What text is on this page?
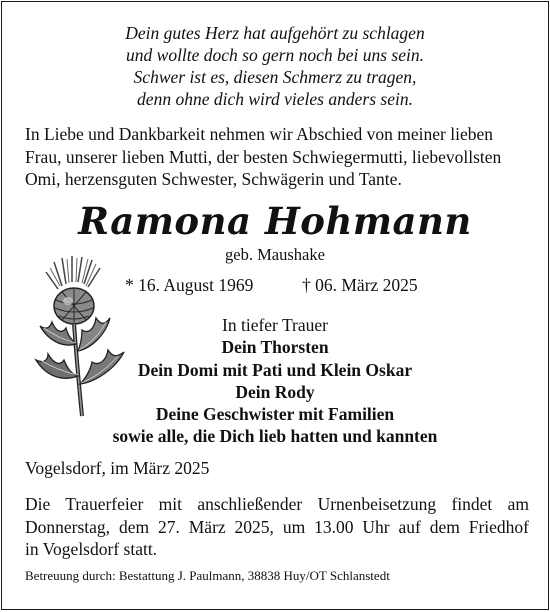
Dein gutes Herz hat aufgehört zu schlagen
und wollte doch so gern noch bei uns sein.
Schwer ist es, diesen Schmerz zu tragen,
denn ohne dich wird vieles anders sein.
In Liebe und Dankbarkeit nehmen wir Abschied von meiner lieben
Frau, unserer lieben Mutti, der besten Schwiegermutti, liebevollsten
Omi, herzensguten Schwester, Schwägerin und Tante.
Ramona Hohmann
geb. Maushake
* 16. August 1969	† 06. März 2025
In tiefer Trauer
Dein Thorsten
Dein Domi mit Pati und Klein Oskar
Dein Rody
Deine Geschwister mit Familien
sowie alle, die Dich lieb hatten und kannten
Vogelsdorf, im März 2025
Die Trauerfeier mit anschließender Urnenbeisetzung findet am
Donnerstag, dem 27. März 2025, um 13.00 Uhr auf dem Friedhof
in Vogelsdorf statt.
Betreuung durch: Bestattung J. Paulmann, 38838 Huy/OT Schlanstedt
